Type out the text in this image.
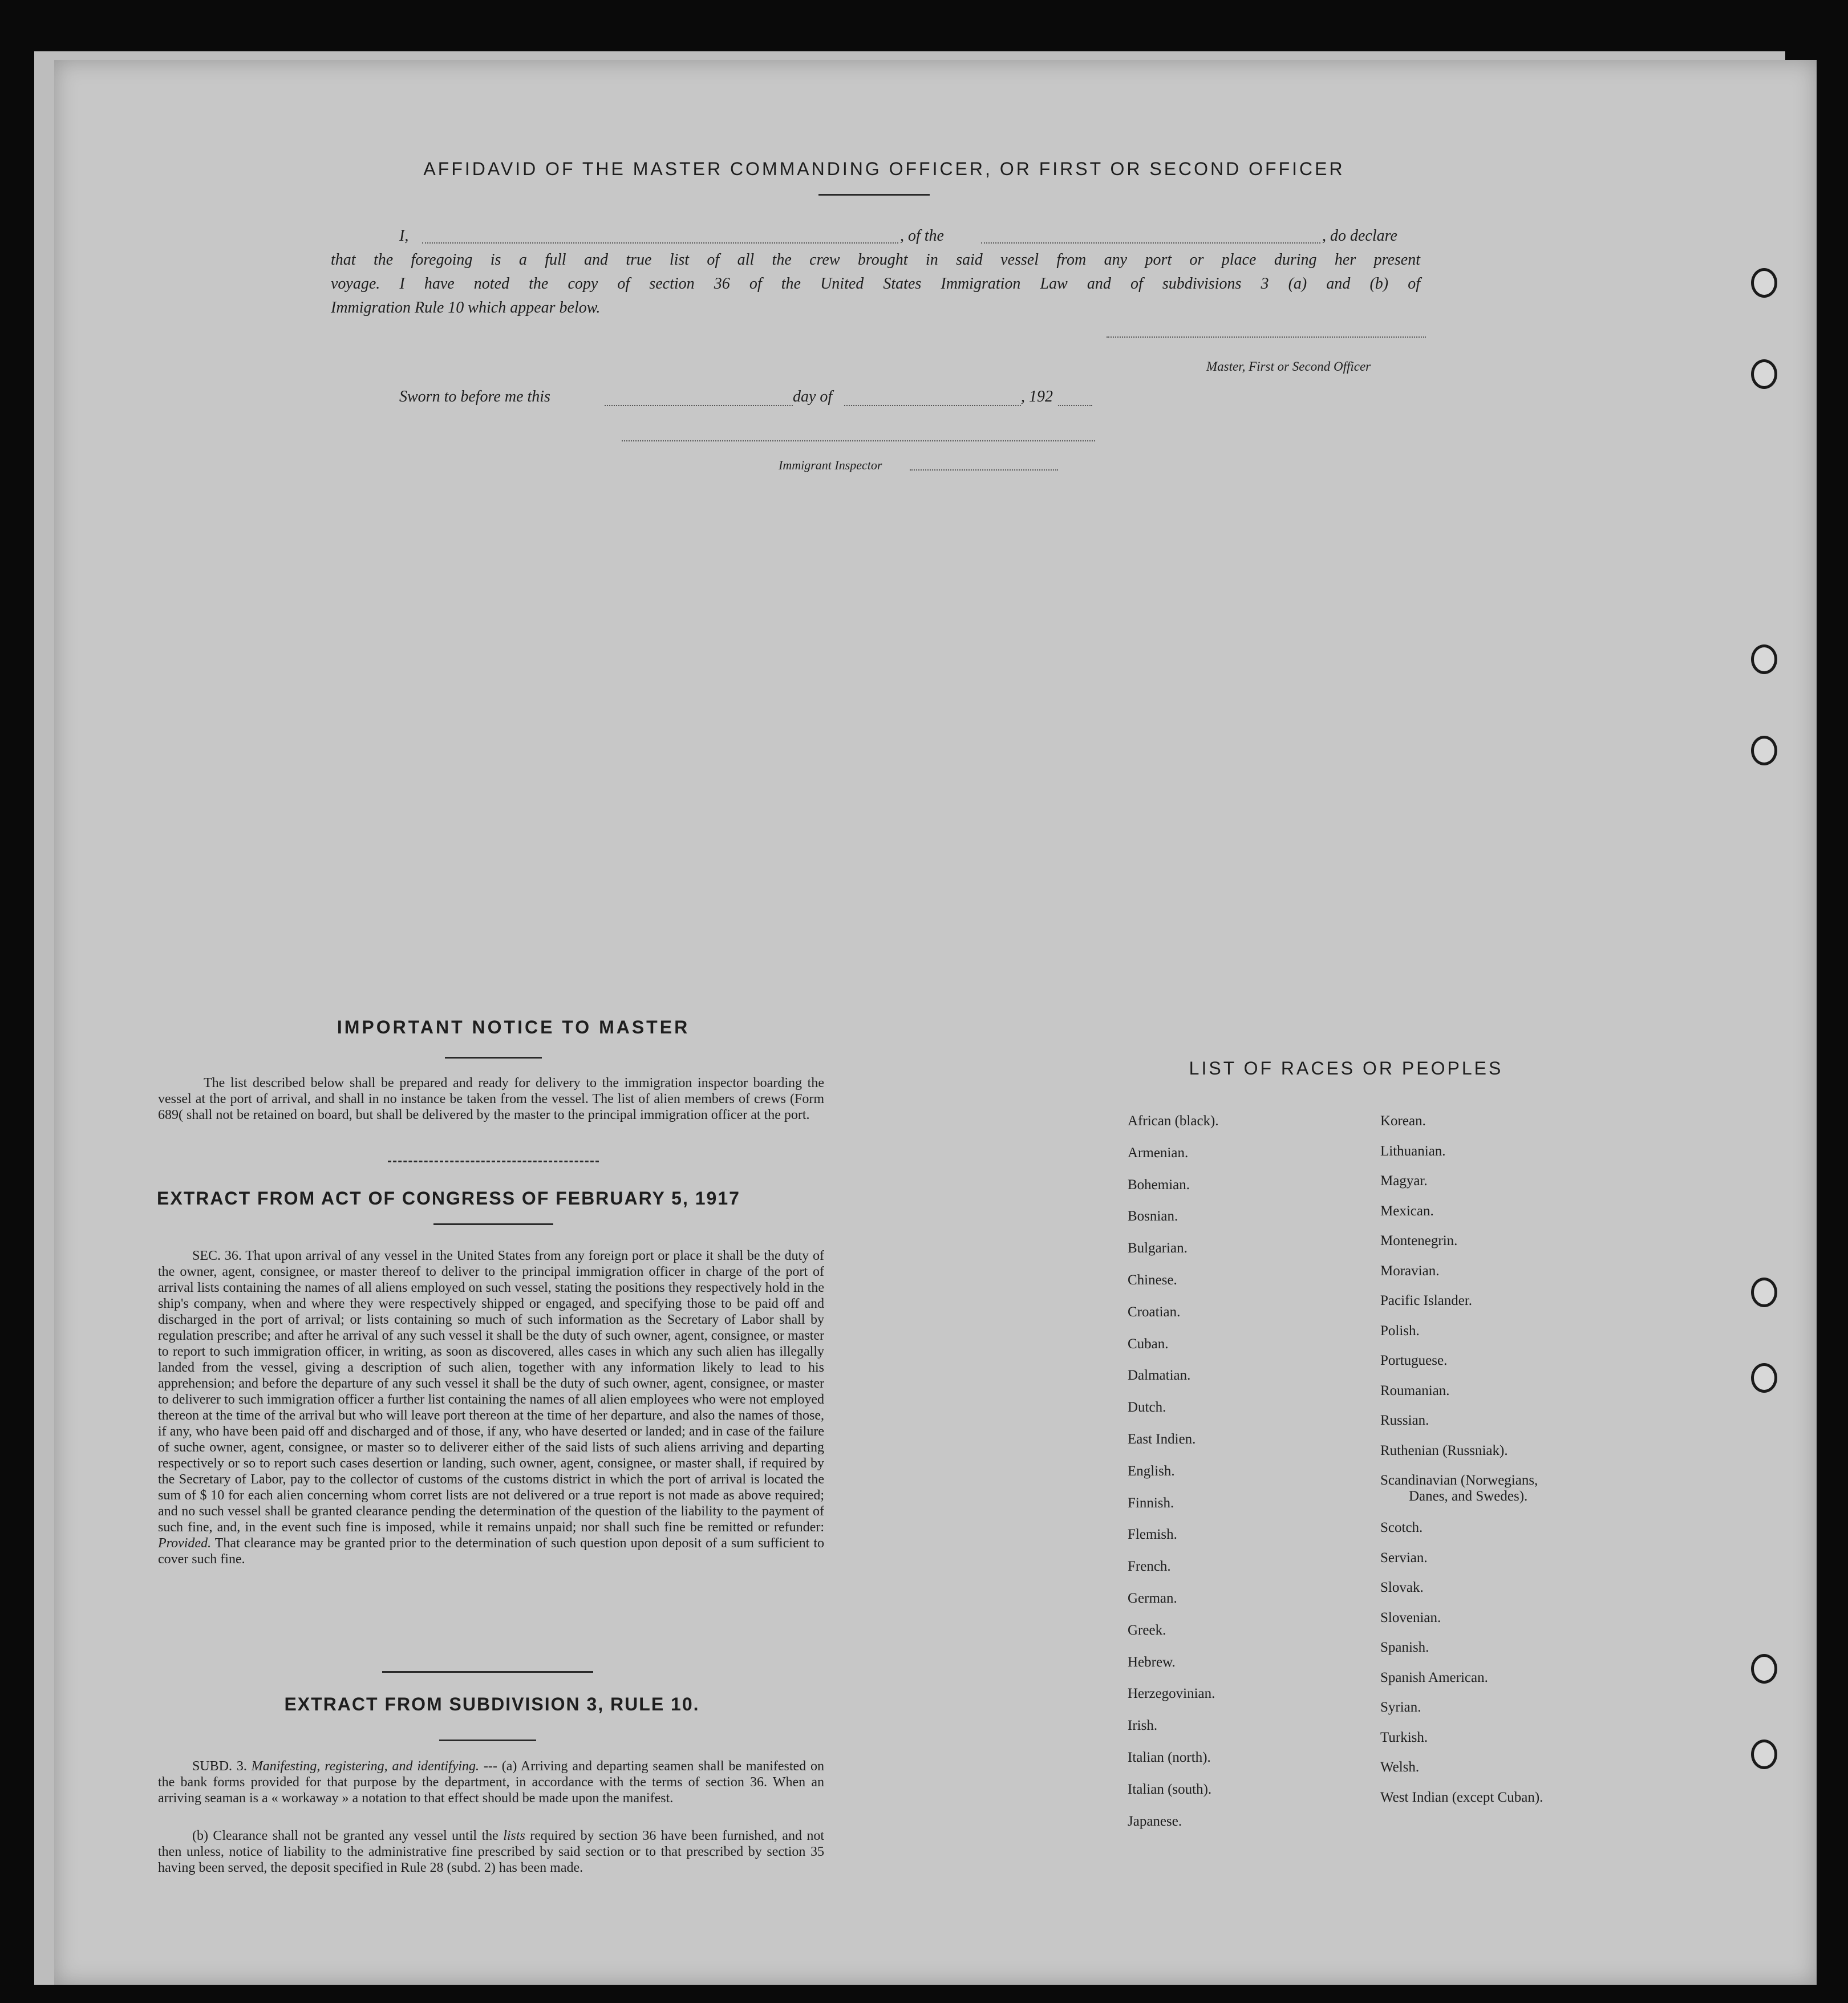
AFFIDAVID OF THE MASTER COMMANDING OFFICER, OR FIRST OR SECOND OFFICER
I,	, of the	, do declare
that the foregoing is a full and true list of all the crew brought in said vessel from any port or place during her present
voyage. I have noted the copy of section 36 of the United States Immigration Law and of subdivisions 3 (a) and (b) of
Immigration Rule 10 which appear below.
Master, First or Second Officer
Sworn to before me this	day of	, 192
Immigrant Inspector
IMPORTANT NOTICE TO MASTER
The list described below shall be prepared and ready for delivery to the immigration inspector boarding the vessel at the port of arrival, and shall in no instance be taken from the vessel. The list of alien members of crews (Form 689( shall not be retained on board, but shall be delivered by the master to the principal immigration officer at the port.
EXTRACT FROM ACT OF CONGRESS OF FEBRUARY 5, 1917
SEC. 36. That upon arrival of any vessel in the United States from any foreign port or place it shall be the duty of the owner, agent, consignee, or master thereof to deliver to the principal immigration officer in charge of the port of arrival lists containing the names of all aliens employed on such vessel, stating the positions they respectively hold in the ship's company, when and where they were respectively shipped or engaged, and specifying those to be paid off and discharged in the port of arrival; or lists containing so much of such information as the Secretary of Labor shall by regulation prescribe; and after he arrival of any such vessel it shall be the duty of such owner, agent, consignee, or master to report to such immigration officer, in writing, as soon as discovered, alles cases in which any such alien has illegally landed from the vessel, giving a description of such alien, together with any information likely to lead to his apprehension; and before the departure of any such vessel it shall be the duty of such owner, agent, consignee, or master to deliverer to such immigration officer a further list containing the names of all alien employees who were not employed thereon at the time of the arrival but who will leave port thereon at the time of her departure, and also the names of those, if any, who have been paid off and discharged and of those, if any, who have deserted or landed; and in case of the failure of suche owner, agent, consignee, or master so to deliverer either of the said lists of such aliens arriving and departing respectively or so to report such cases desertion or landing, such owner, agent, consignee, or master shall, if required by the Secretary of Labor, pay to the collector of customs of the customs district in which the port of arrival is located the sum of $ 10 for each alien concerning whom corret lists are not delivered or a true report is not made as above required; and no such vessel shall be granted clearance pending the determination of the question of the liability to the payment of such fine, and, in the event such fine is imposed, while it remains unpaid; nor shall such fine be remitted or refunder: Provided. That clearance may be granted prior to the determination of such question upon deposit of a sum sufficient to cover such fine.
EXTRACT FROM SUBDIVISION 3, RULE 10.
SUBD. 3. Manifesting, registering, and identifying. --- (a) Arriving and departing seamen shall be manifested on the bank forms provided for that purpose by the department, in accordance with the terms of section 36. When an arriving seaman is a « workaway » a notation to that effect should be made upon the manifest.
(b) Clearance shall not be granted any vessel until the lists required by section 36 have been furnished, and not then unless, notice of liability to the administrative fine prescribed by said section or to that prescribed by section 35 having been served, the deposit specified in Rule 28 (subd. 2) has been made.
LIST OF RACES OR PEOPLES
African (black).
Armenian.
Bohemian.
Bosnian.
Bulgarian.
Chinese.
Croatian.
Cuban.
Dalmatian.
Dutch.
East Indien.
English.
Finnish.
Flemish.
French.
German.
Greek.
Hebrew.
Herzegovinian.
Irish.
Italian (north).
Italian (south).
Japanese.
Korean.
Lithuanian.
Magyar.
Mexican.
Montenegrin.
Moravian.
Pacific Islander.
Polish.
Portuguese.
Roumanian.
Russian.
Ruthenian (Russniak).
Scandinavian (Norwegians,
Danes, and Swedes).
Scotch.
Servian.
Slovak.
Slovenian.
Spanish.
Spanish American.
Syrian.
Turkish.
Welsh.
West Indian (except Cuban).
